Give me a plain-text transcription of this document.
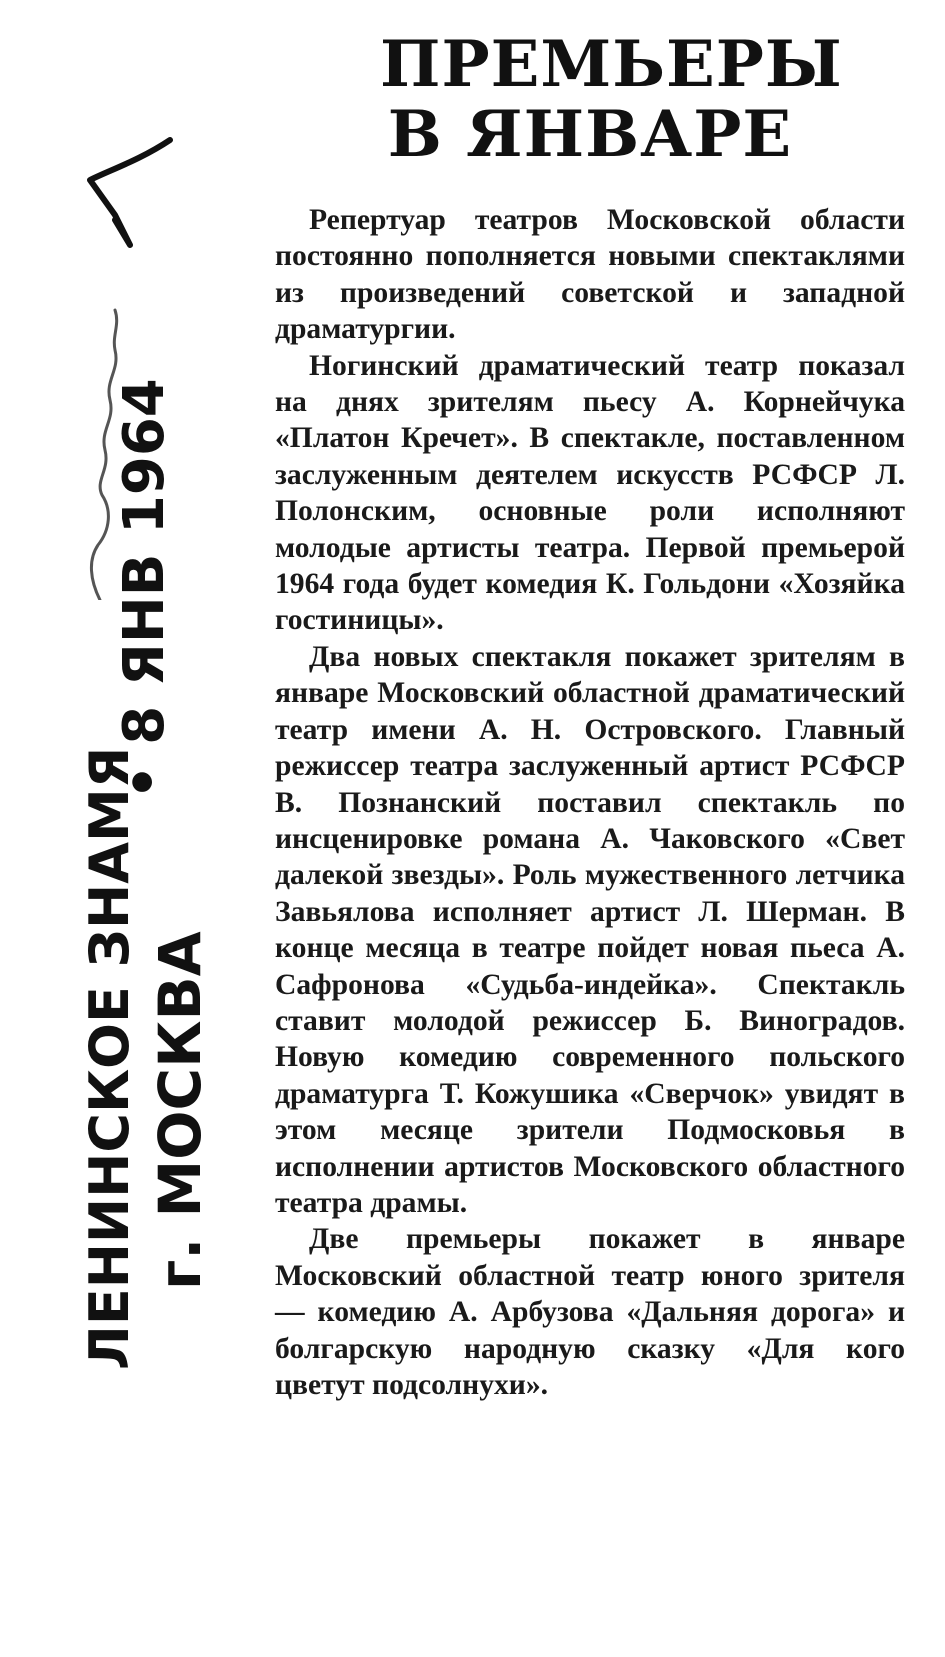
Рос-Тр. ас
• 8 ЯНВ 1964
ЛЕНИНСКОЕ ЗНАМЯ г. МОСКВА
ПРЕМЬЕРЫ
В ЯНВАРЕ

Репертуар театров Московской области постоянно пополняется новыми спектаклями из произведений советской и западной драматургии.

Ногинский драматический театр показал на днях зрителям пьесу А. Корнейчука «Платон Кречет». В спектакле, поставленном заслуженным деятелем искусств РСФСР Л. Полонским, основные роли исполняют молодые артисты театра. Первой премьерой 1964 года будет комедия К. Гольдони «Хозяйка гостиницы».

Два новых спектакля покажет зрителям в январе Московский областной драматический театр имени А. Н. Островского. Главный режиссер театра заслуженный артист РСФСР В. Познанский поставил спектакль по инсценировке романа А. Чаковского «Свет далекой звезды». Роль мужественного летчика Завьялова исполняет артист Л. Шерман. В конце месяца в театре пойдет новая пьеса А. Сафронова «Судьба-индейка». Спектакль ставит молодой режиссер Б. Виноградов. Новую комедию современного польского драматурга Т. Кожушика «Сверчок» увидят в этом месяце зрители Подмосковья в исполнении артистов Московского областного театра драмы.

Две премьеры покажет в январе Московский областной театр юного зрителя — комедию А. Арбузова «Дальняя дорога» и болгарскую народную сказку «Для кого цветут подсолнухи».
